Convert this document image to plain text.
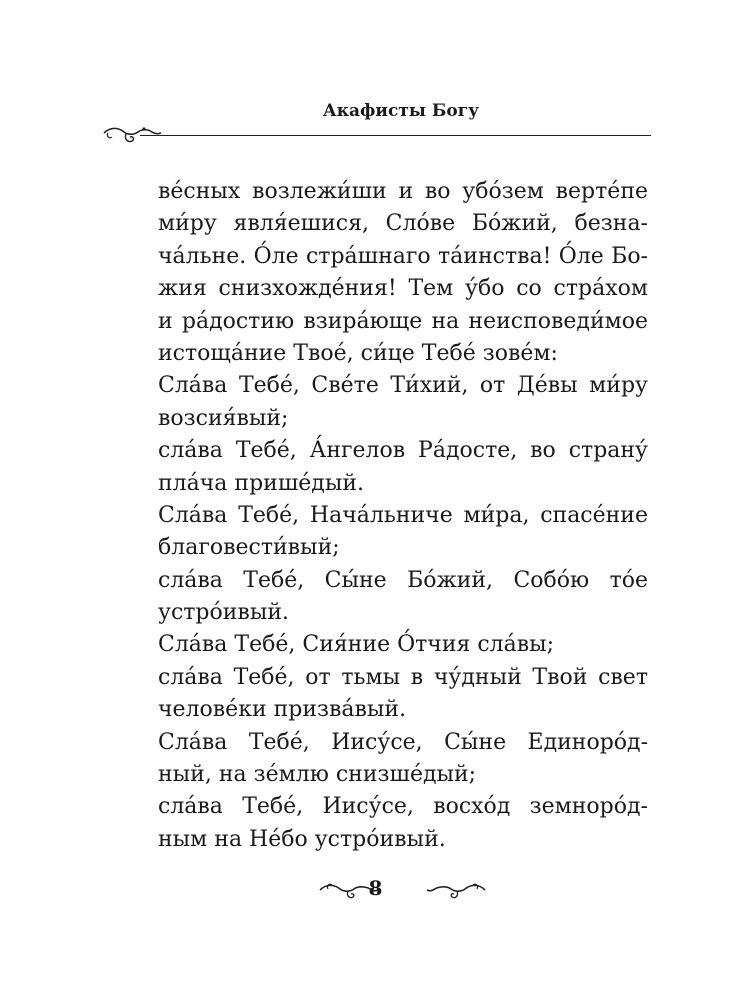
Акафисты Богу
ве́сных возлежи́ши и во убо́зем верте́пе
ми́ру явля́ешися, Сло́ве Бо́жий, безна-
ча́льне. О́ле стра́шнаго та́инства! О́ле Бо-
жия снизхожде́ния! Тем у́бо со стра́хом
и ра́достию взира́юще на неисповеди́мое
истоща́ние Твое́, си́це Тебе́ зове́м:
Сла́ва Тебе́, Све́те Ти́хий, от Де́вы ми́ру
возсия́вый;
сла́ва Тебе́, А́нгелов Ра́досте, во страну́
пла́ча прише́дый.
Сла́ва Тебе́, Нача́льниче ми́ра, спасе́ние
благовести́вый;
сла́ва Тебе́, Сы́не Бо́жий, Собо́ю то́е
устро́ивый.
Сла́ва Тебе́, Сия́ние О́тчия сла́вы;
сла́ва Тебе́, от тьмы в чу́дный Твой свет
челове́ки призва́вый.
Сла́ва Тебе́, Иису́се, Сы́не Единоро́д-
ный, на зе́млю снизше́дый;
сла́ва Тебе́, Иису́се, восхо́д земноро́д-
ным на Не́бо устро́ивый.
8
